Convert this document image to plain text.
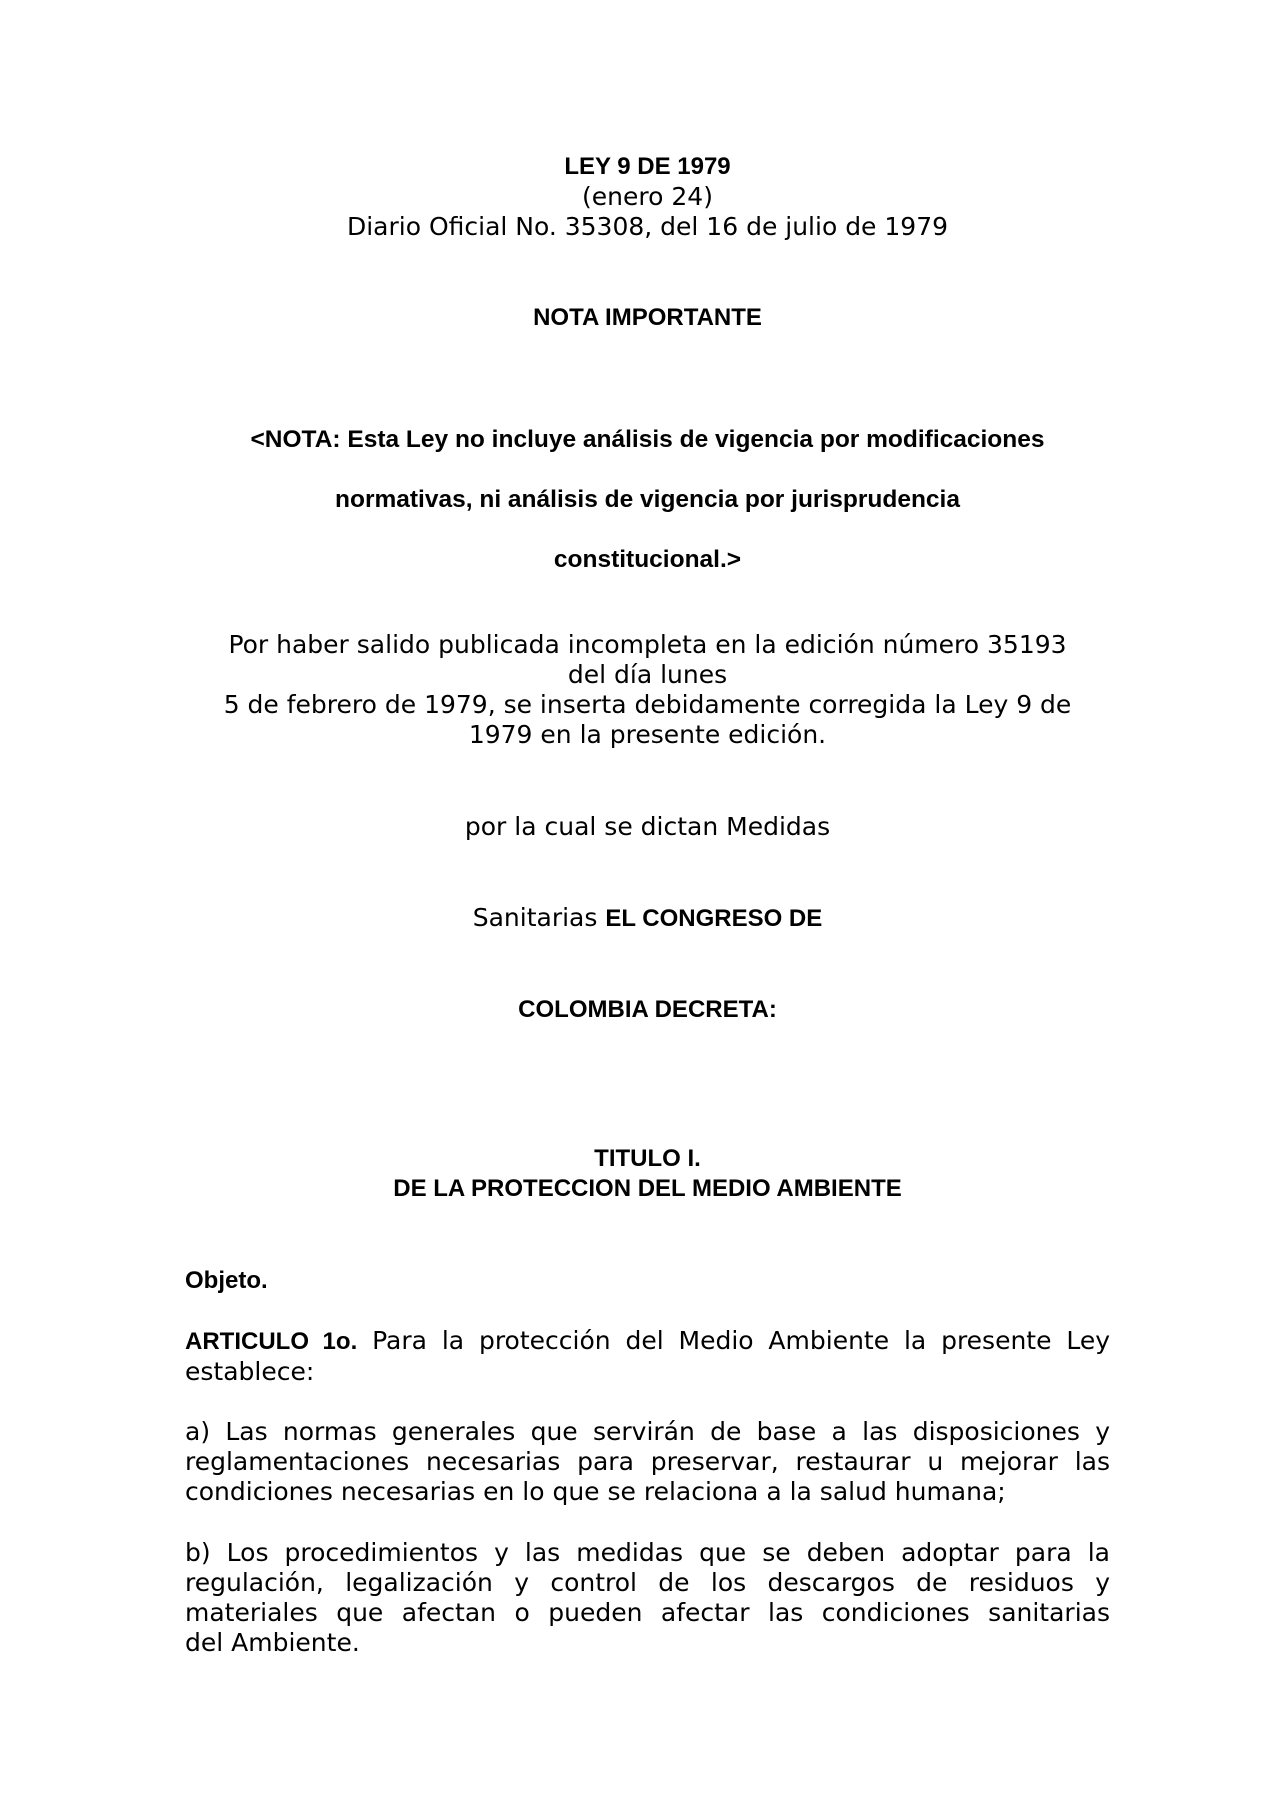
LEY 9 DE 1979
(enero 24)
Diario Oficial No. 35308, del 16 de julio de 1979
NOTA IMPORTANTE
<NOTA: Esta Ley no incluye análisis de vigencia por modificaciones
normativas, ni análisis de vigencia por jurisprudencia
constitucional.>
Por haber salido publicada incompleta en la edición número 35193
del día lunes
5 de febrero de 1979, se inserta debidamente corregida la Ley 9 de
1979 en la presente edición.
por la cual se dictan Medidas
Sanitarias EL CONGRESO DE
COLOMBIA DECRETA:
TITULO I.
DE LA PROTECCION DEL MEDIO AMBIENTE
Objeto.
ARTICULO 1o. Para la protección del Medio Ambiente la presente Ley
establece:
a) Las normas generales que servirán de base a las disposiciones y
reglamentaciones necesarias para preservar, restaurar u mejorar las
condiciones necesarias en lo que se relaciona a la salud humana;
b) Los procedimientos y las medidas que se deben adoptar para la
regulación, legalización y control de los descargos de residuos y
materiales que afectan o pueden afectar las condiciones sanitarias
del Ambiente.
